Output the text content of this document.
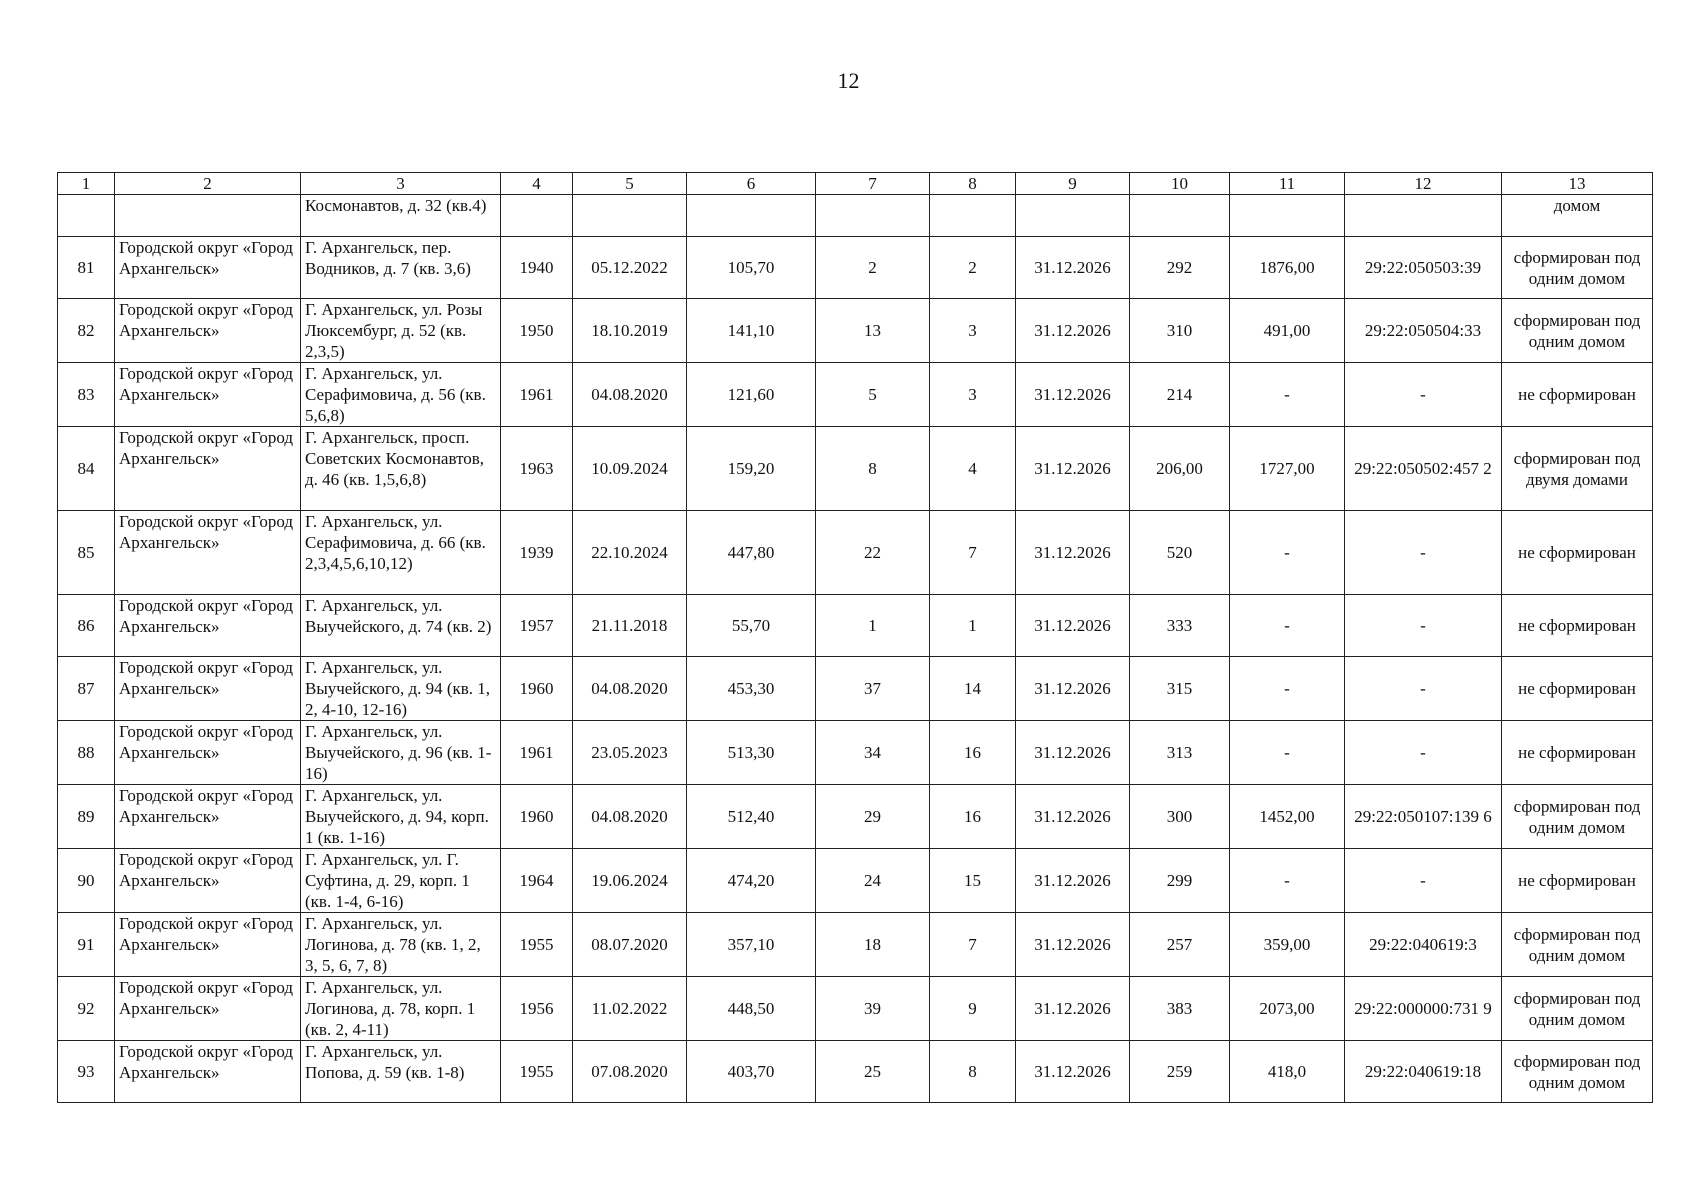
12
1	2	3	4	5	6	7	8	9	10	11	12	13
		Космонавтов, д. 32 (кв.4)										домом
81	Городской округ «Город Архангельск»	Г. Архангельск, пер. Водников, д. 7 (кв. 3,6)	1940	05.12.2022	105,70	2	2	31.12.2026	292	1876,00	29:22:050503:39	сформирован под одним домом
82	Городской округ «Город Архангельск»	Г. Архангельск, ул. Розы Люксембург, д. 52 (кв. 2,3,5)	1950	18.10.2019	141,10	13	3	31.12.2026	310	491,00	29:22:050504:33	сформирован под одним домом
83	Городской округ «Город Архангельск»	Г. Архангельск, ул. Серафимовича, д. 56 (кв. 5,6,8)	1961	04.08.2020	121,60	5	3	31.12.2026	214	-	-	не сформирован
84	Городской округ «Город Архангельск»	Г. Архангельск, просп. Советских Космонавтов, д. 46 (кв. 1,5,6,8)	1963	10.09.2024	159,20	8	4	31.12.2026	206,00	1727,00	29:22:050502:457 2	сформирован под двумя домами
85	Городской округ «Город Архангельск»	Г. Архангельск, ул. Серафимовича, д. 66 (кв. 2,3,4,5,6,10,12)	1939	22.10.2024	447,80	22	7	31.12.2026	520	-	-	не сформирован
86	Городской округ «Город Архангельск»	Г. Архангельск, ул. Выучейского, д. 74 (кв. 2)	1957	21.11.2018	55,70	1	1	31.12.2026	333	-	-	не сформирован
87	Городской округ «Город Архангельск»	Г. Архангельск, ул. Выучейского, д. 94 (кв. 1, 2, 4-10, 12-16)	1960	04.08.2020	453,30	37	14	31.12.2026	315	-	-	не сформирован
88	Городской округ «Город Архангельск»	Г. Архангельск, ул. Выучейского, д. 96 (кв. 1-16)	1961	23.05.2023	513,30	34	16	31.12.2026	313	-	-	не сформирован
89	Городской округ «Город Архангельск»	Г. Архангельск, ул. Выучейского, д. 94, корп. 1 (кв. 1-16)	1960	04.08.2020	512,40	29	16	31.12.2026	300	1452,00	29:22:050107:139 6	сформирован под одним домом
90	Городской округ «Город Архангельск»	Г. Архангельск, ул. Г. Суфтина, д. 29, корп. 1 (кв. 1-4, 6-16)	1964	19.06.2024	474,20	24	15	31.12.2026	299	-	-	не сформирован
91	Городской округ «Город Архангельск»	Г. Архангельск, ул. Логинова, д. 78 (кв. 1, 2, 3, 5, 6, 7, 8)	1955	08.07.2020	357,10	18	7	31.12.2026	257	359,00	29:22:040619:3	сформирован под одним домом
92	Городской округ «Город Архангельск»	Г. Архангельск, ул. Логинова, д. 78, корп. 1 (кв. 2, 4-11)	1956	11.02.2022	448,50	39	9	31.12.2026	383	2073,00	29:22:000000:731 9	сформирован под одним домом
93	Городской округ «Город Архангельск»	Г. Архангельск, ул. Попова, д. 59 (кв. 1-8)	1955	07.08.2020	403,70	25	8	31.12.2026	259	418,0	29:22:040619:18	сформирован под одним домом
